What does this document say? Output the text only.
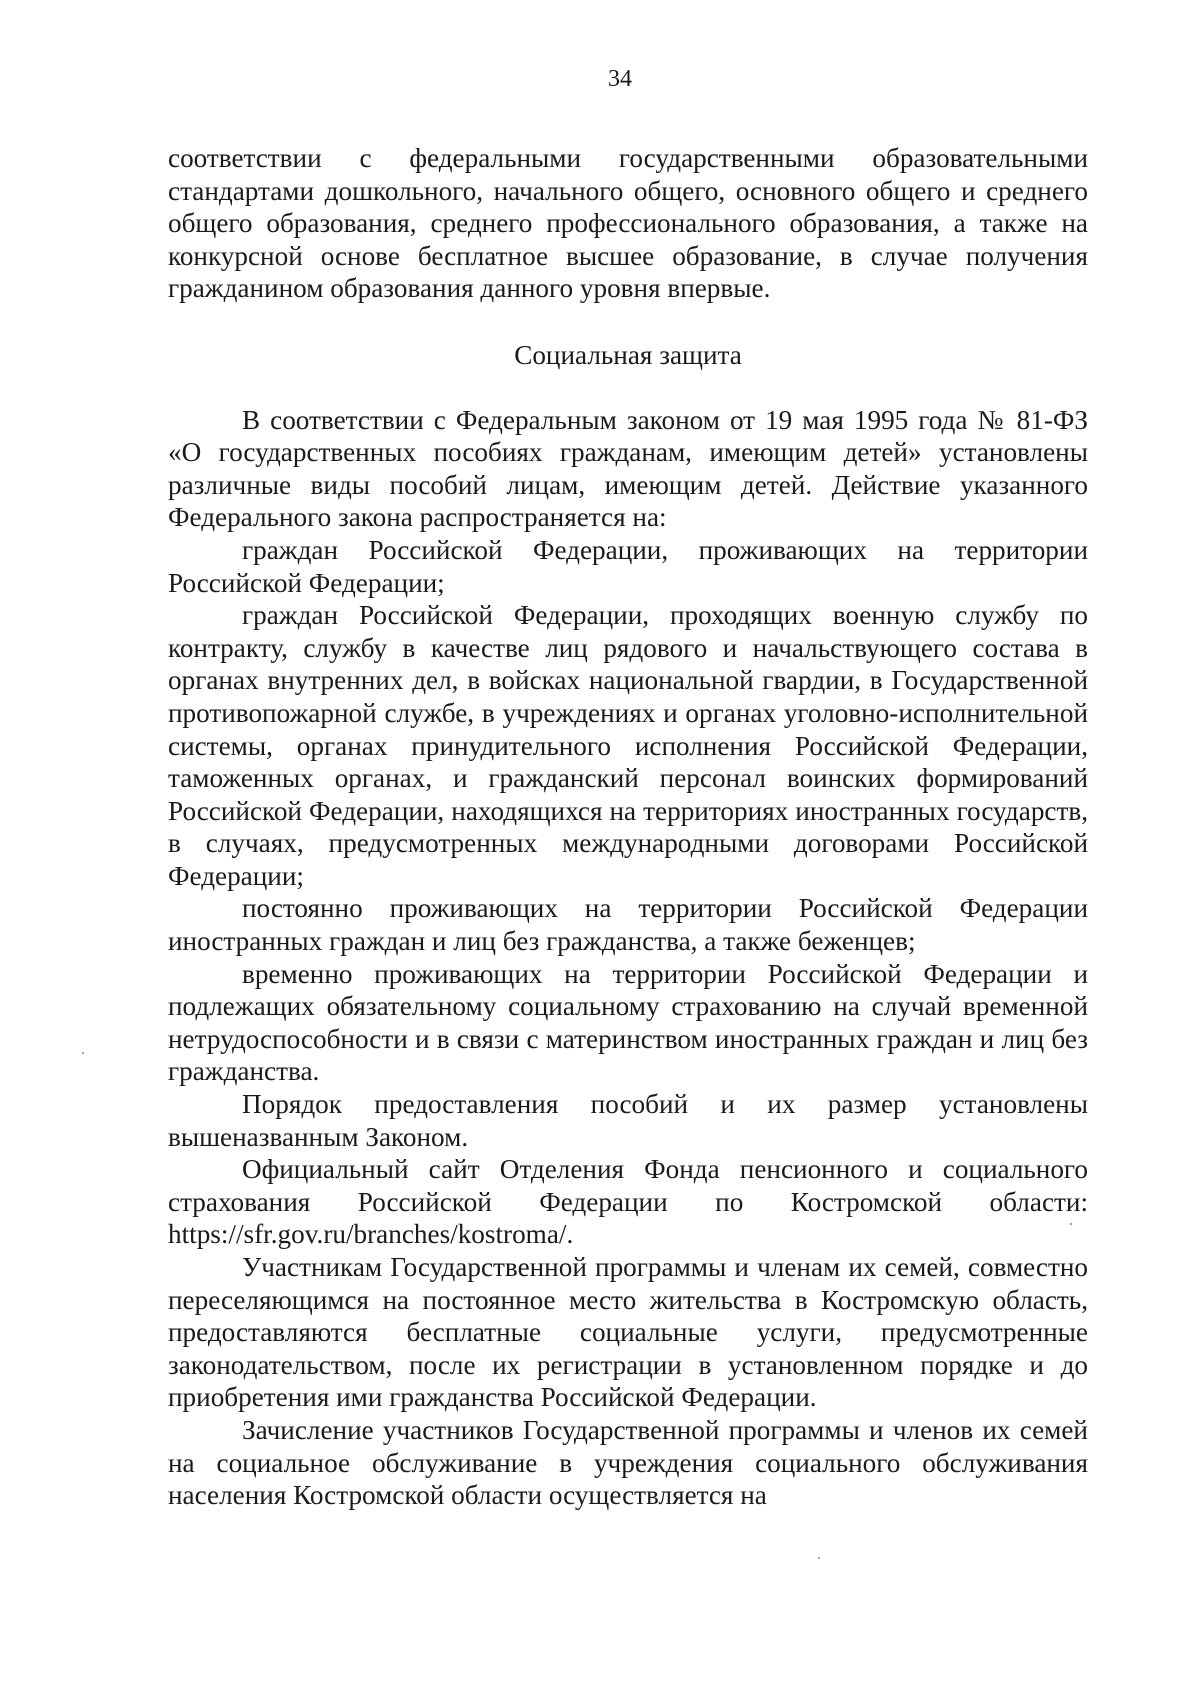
34

соответствии с федеральными государственными образовательными стандартами дошкольного, начального общего, основного общего и среднего общего образования, среднего профессионального образования, а также на конкурсной основе бесплатное высшее образование, в случае получения гражданином образования данного уровня впервые.

Социальная защита

В соответствии с Федеральным законом от 19 мая 1995 года № 81-ФЗ «О государственных пособиях гражданам, имеющим детей» установлены различные виды пособий лицам, имеющим детей. Действие указанного Федерального закона распространяется на:

граждан Российской Федерации, проживающих на территории Российской Федерации;

граждан Российской Федерации, проходящих военную службу по контракту, службу в качестве лиц рядового и начальствующего состава в органах внутренних дел, в войсках национальной гвардии, в Государственной противопожарной службе, в учреждениях и органах уголовно-исполнительной системы, органах принудительного исполнения Российской Федерации, таможенных органах, и гражданский персонал воинских формирований Российской Федерации, находящихся на территориях иностранных государств, в случаях, предусмотренных международными договорами Российской Федерации;

постоянно проживающих на территории Российской Федерации иностранных граждан и лиц без гражданства, а также беженцев;

временно проживающих на территории Российской Федерации и подлежащих обязательному социальному страхованию на случай временной нетрудоспособности и в связи с материнством иностранных граждан и лиц без гражданства.

Порядок предоставления пособий и их размер установлены вышеназванным Законом.

Официальный сайт Отделения Фонда пенсионного и социального страхования Российской Федерации по Костромской области: https://sfr.gov.ru/branches/kostroma/.

Участникам Государственной программы и членам их семей, совместно переселяющимся на постоянное место жительства в Костромскую область, предоставляются бесплатные социальные услуги, предусмотренные законодательством, после их регистрации в установленном порядке и до приобретения ими гражданства Российской Федерации.

Зачисление участников Государственной программы и членов их семей на социальное обслуживание в учреждения социального обслуживания населения Костромской области осуществляется на
